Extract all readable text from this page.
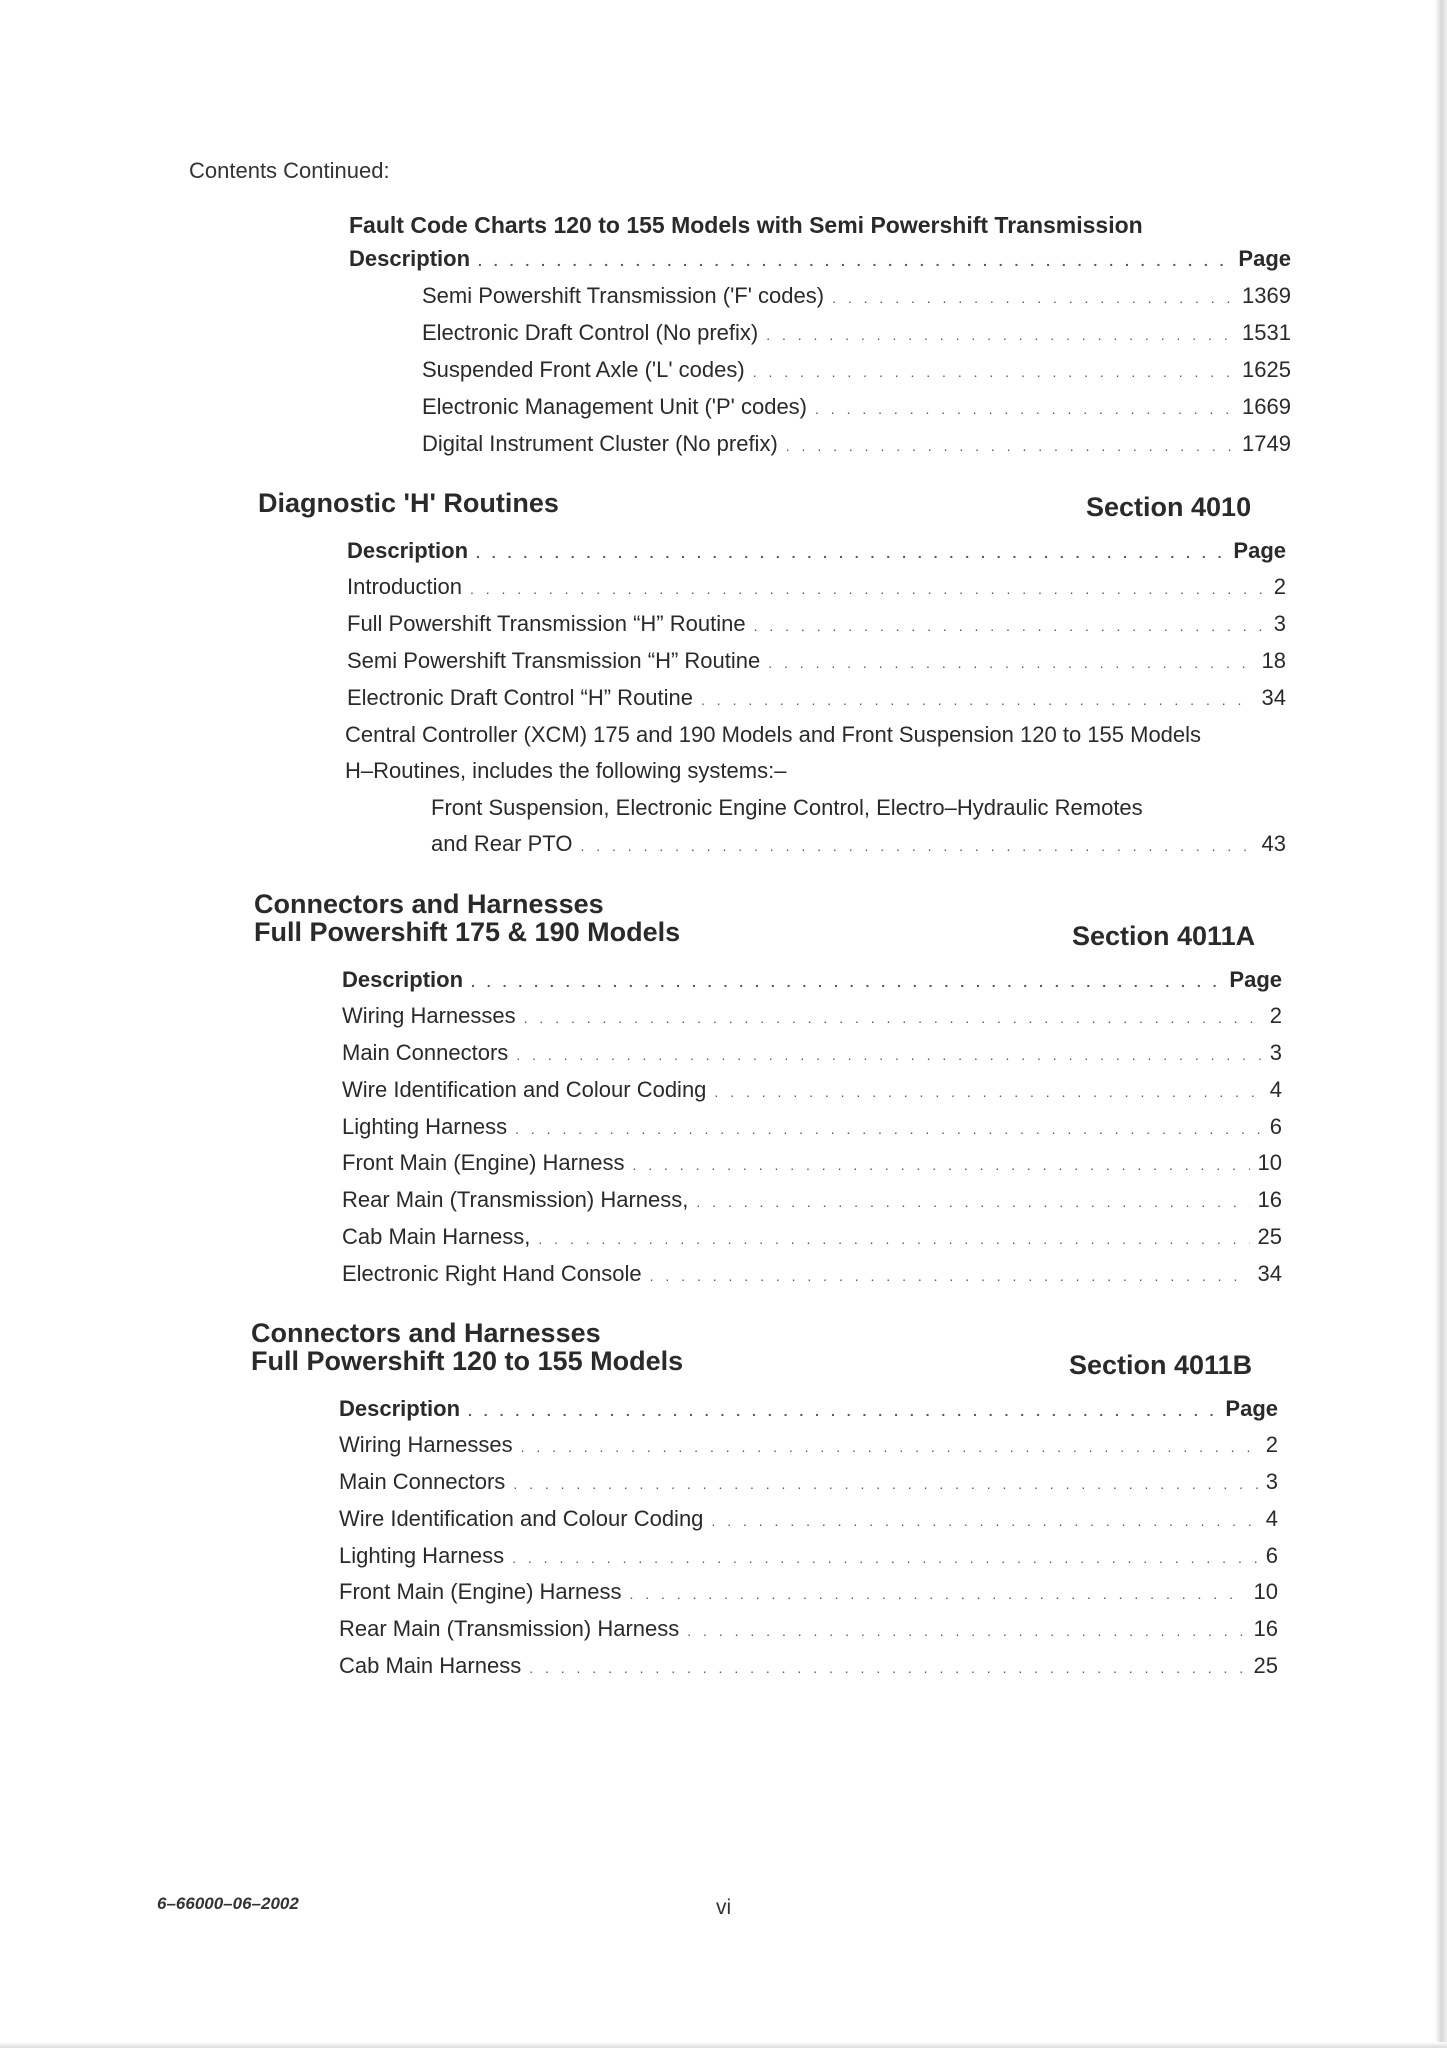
Contents Continued:
Fault Code Charts 120 to 155 Models with Semi Powershift Transmission
Description . . .	Page
Semi Powershift Transmission ('F' codes) . . .	1369
Electronic Draft Control (No prefix) . . .	1531
Suspended Front Axle ('L' codes) . . .	1625
Electronic Management Unit ('P' codes) . . .	1669
Digital Instrument Cluster (No prefix) . . .	1749
Diagnostic 'H' Routines	Section 4010
Description . . .	Page
Introduction . . .	2
Full Powershift Transmission “H” Routine . . .	3
Semi Powershift Transmission “H” Routine . . .	18
Electronic Draft Control “H” Routine . . .	34
Central Controller (XCM) 175 and 190 Models and Front Suspension 120 to 155 Models
H–Routines, includes the following systems:–
Front Suspension, Electronic Engine Control, Electro–Hydraulic Remotes
and Rear PTO . . .	43
Connectors and Harnesses
Full Powershift 175 & 190 Models	Section 4011A
Description . . .	Page
Wiring Harnesses . . .	2
Main Connectors . . .	3
Wire Identification and Colour Coding . . .	4
Lighting Harness . . .	6
Front Main (Engine) Harness . . .	10
Rear Main (Transmission) Harness, . . .	16
Cab Main Harness, . . .	25
Electronic Right Hand Console . . .	34
Connectors and Harnesses
Full Powershift 120 to 155 Models	Section 4011B
Description . . .	Page
Wiring Harnesses . . .	2
Main Connectors . . .	3
Wire Identification and Colour Coding . . .	4
Lighting Harness . . .	6
Front Main (Engine) Harness . . .	10
Rear Main (Transmission) Harness . . .	16
Cab Main Harness . . .	25
6–66000–06–2002	vi
